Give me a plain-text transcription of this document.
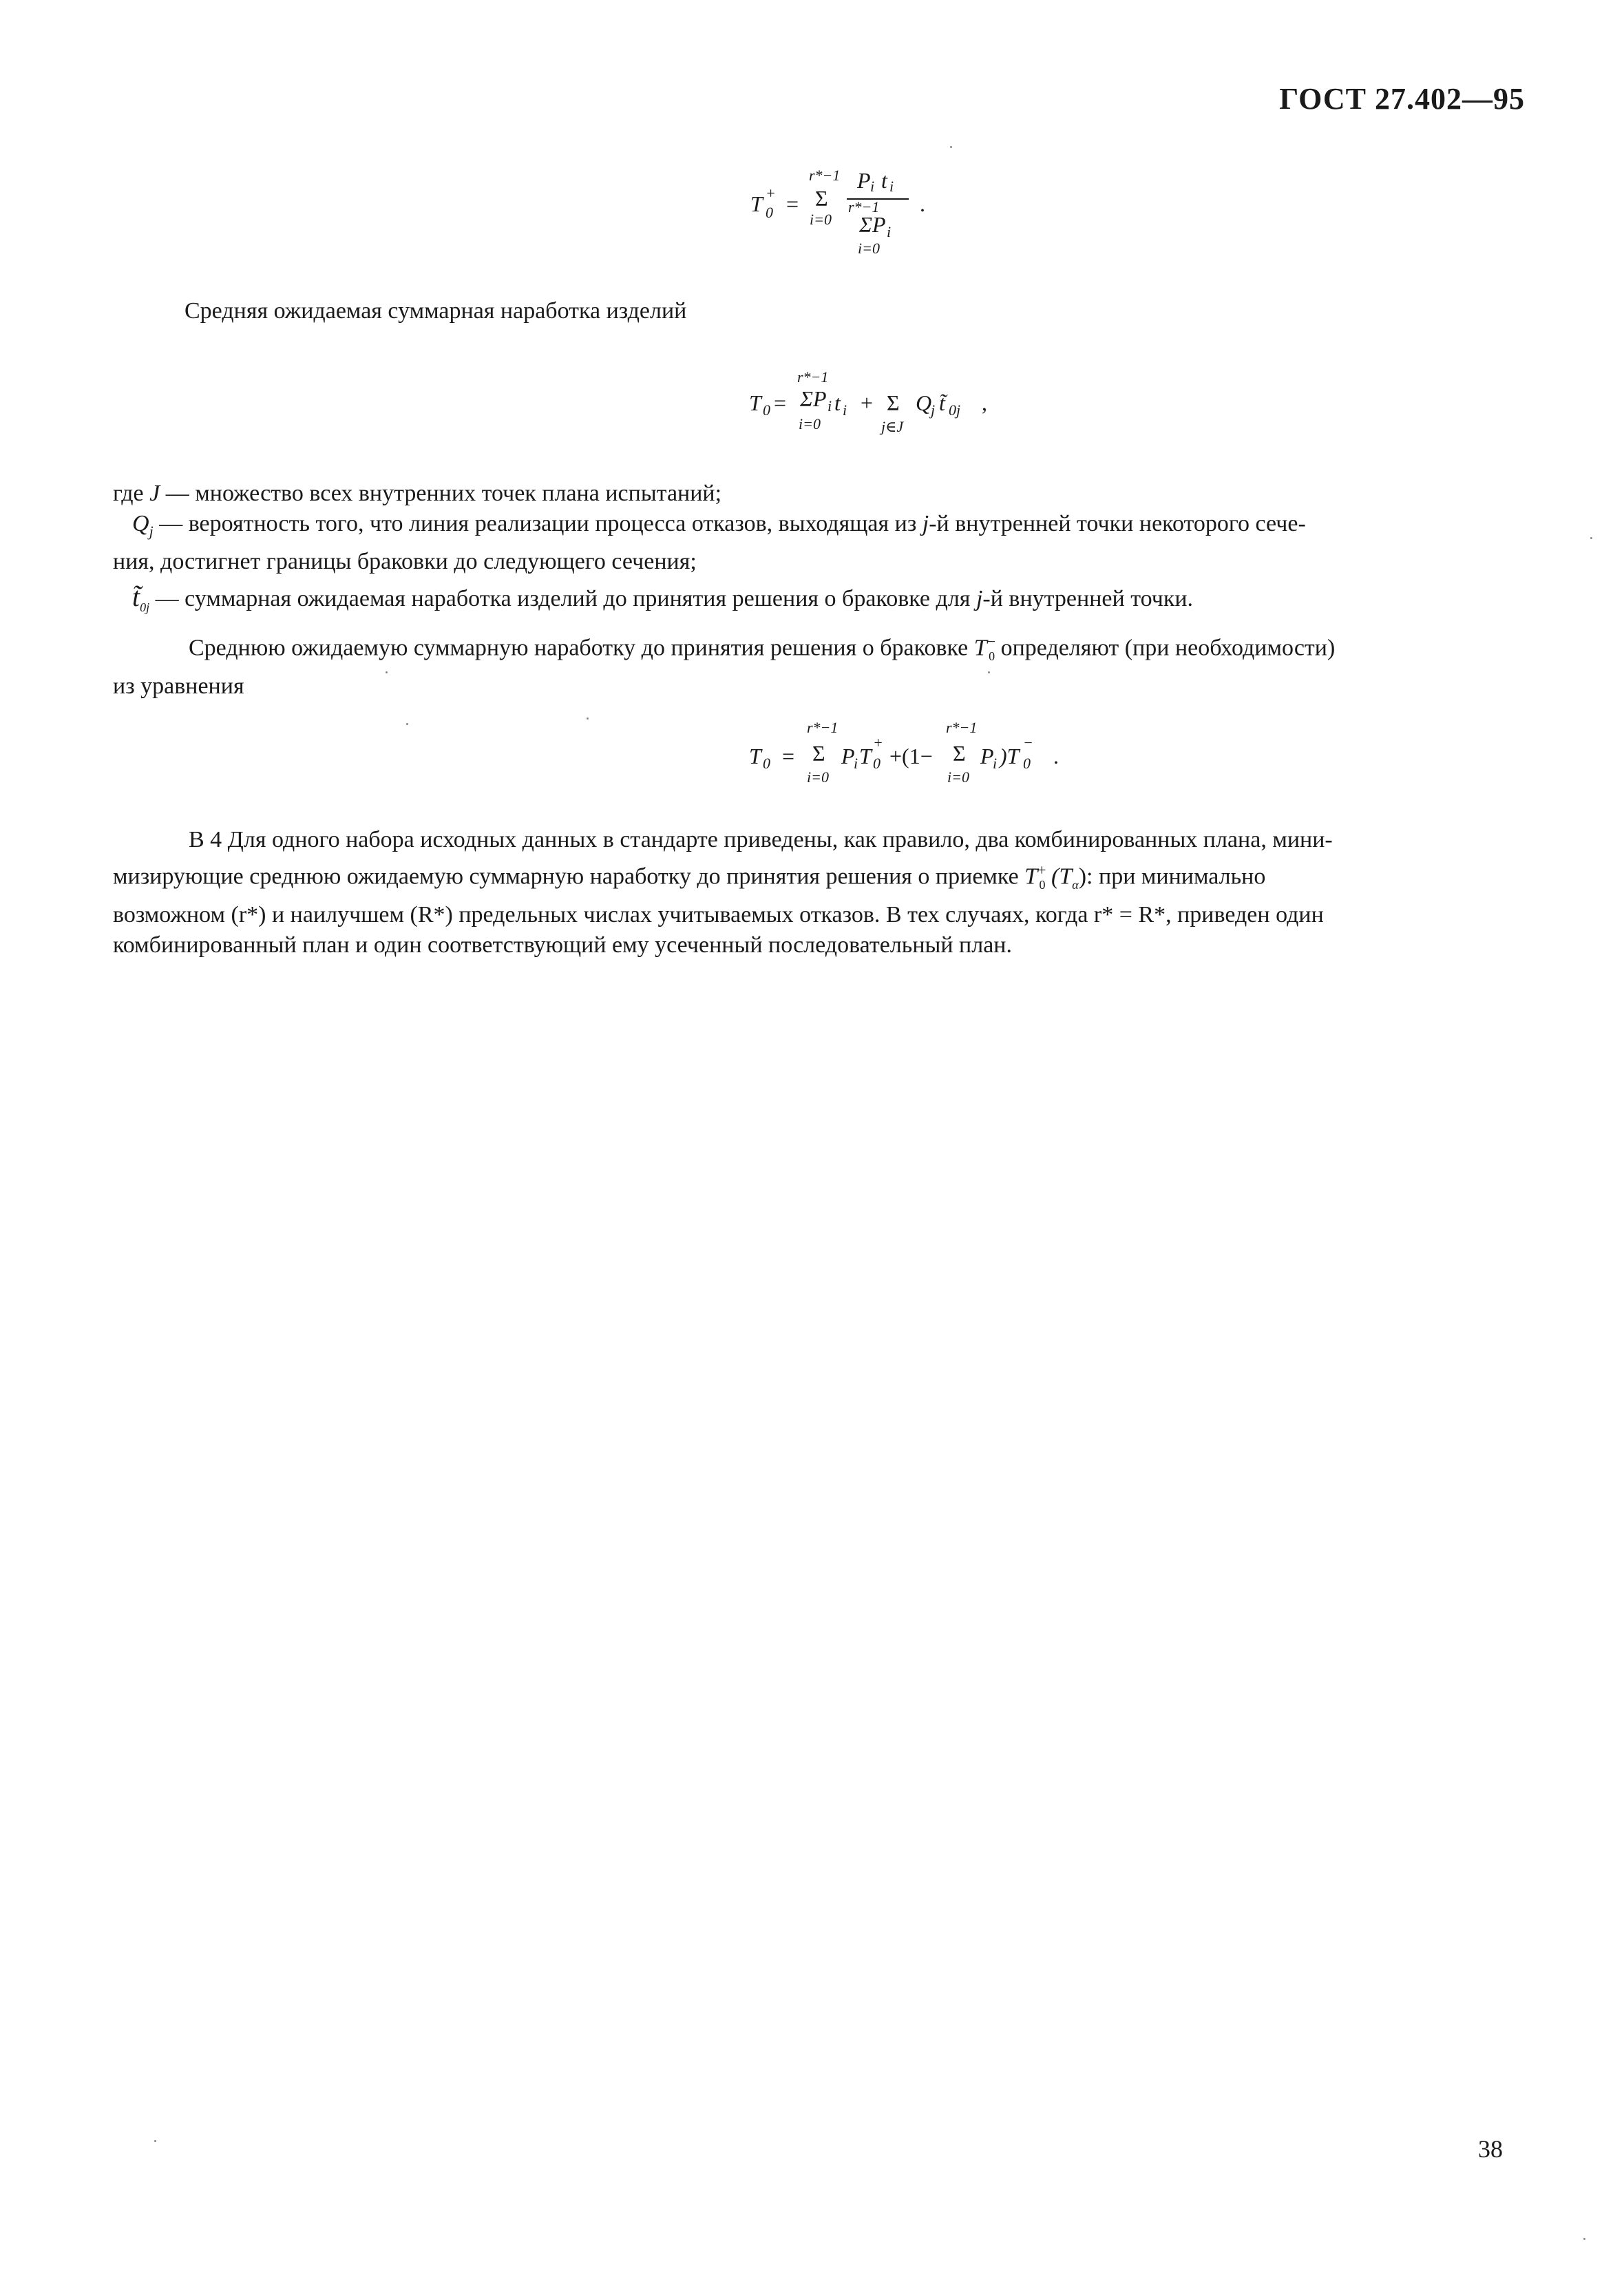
ГОСТ 27.402—95
T 0
+ =
r*−1
Σ
i=0
P i t i
r*−1
ΣP i
i=0
.
Средняя ожидаемая суммарная наработка изделий
T 0 =
r*−1
ΣP i t i
i=0
+ Σ
j∈J
Q
j t̃ 0j ,
где J — множество всех внутренних точек плана испытаний;
$Q_j$ — вероятность того, что линия реализации процесса отказов, выходящая из j-й внутренней точки некоторого сече-
ния, достигнет границы браковки до следующего сечения;
$t̃_{0j}$ — суммарная ожидаемая наработка изделий до принятия решения о браковке для j-й внутренней точки.
Среднюю ожидаемую суммарную наработку до принятия решения о браковке $T^-_0$ определяют (при необходимости)
из уравнения
T 0 =
r*−1
Σ
i=0
P
i T 0
+
+(1−
r*−1
Σ
i=0
P
i )T 0
−
.
В 4 Для одного набора исходных данных в стандарте приведены, как правило, два комбинированных плана, мини-
мизирующие среднюю ожидаемую суммарную наработку до принятия решения о приемке $T^+_0$ $(T_\alpha)$: при минимально
возможном (r*) и наилучшем (R*) предельных числах учитываемых отказов. В тех случаях, когда r* = R*, приведен один
комбинированный план и один соответствующий ему усеченный последовательный план.
38
